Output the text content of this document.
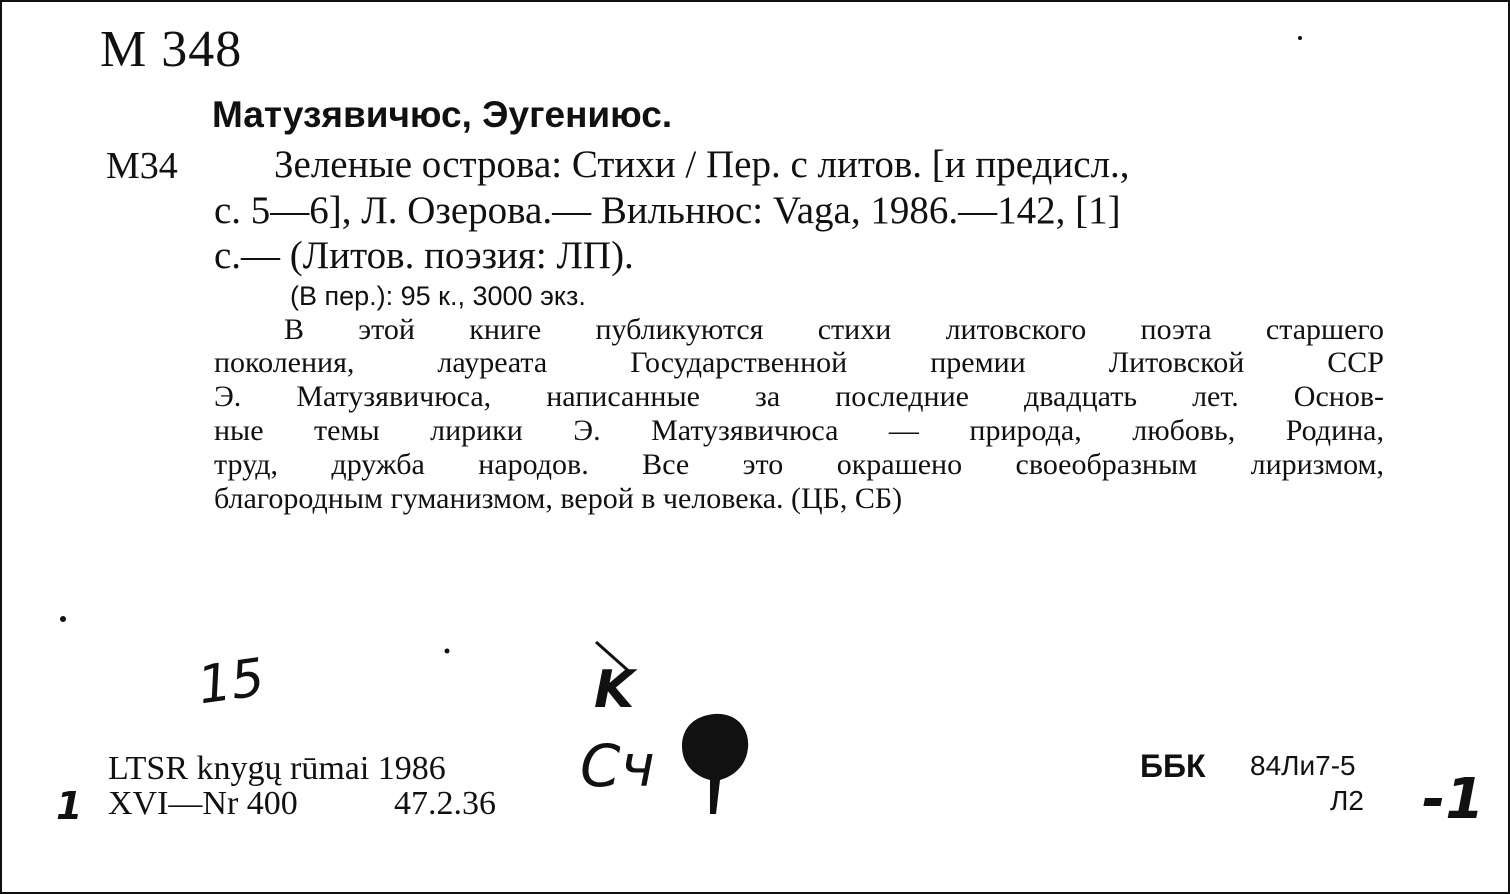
М 348
Матузявичюс, Эугениюс.
М34 Зеленые острова: Стихи / Пер. с литов. [и предисл.,
с. 5—6], Л. Озерова.— Вильнюс: Vaga, 1986.—142, [1]
с.— (Литов. поэзия: ЛП).
(В пер.): 95 к., 3000 экз.
В этой книге публикуются стихи литовского поэта старшего
поколения, лауреата Государственной премии Литовской ССР
Э. Матузявичюса, написанные за последние двадцать лет. Основ-
ные темы лирики Э. Матузявичюса — природа, любовь, Родина,
труд, дружба народов. Все это окрашено своеобразным лиризмом,
благородным гуманизмом, верой в человека. (ЦБ, СБ)
15	K
Сч
1	-1
LTSR knygų rūmai 1986
XVI—Nr 400	47.2.36
ББК 84Ли7-5
Л2
